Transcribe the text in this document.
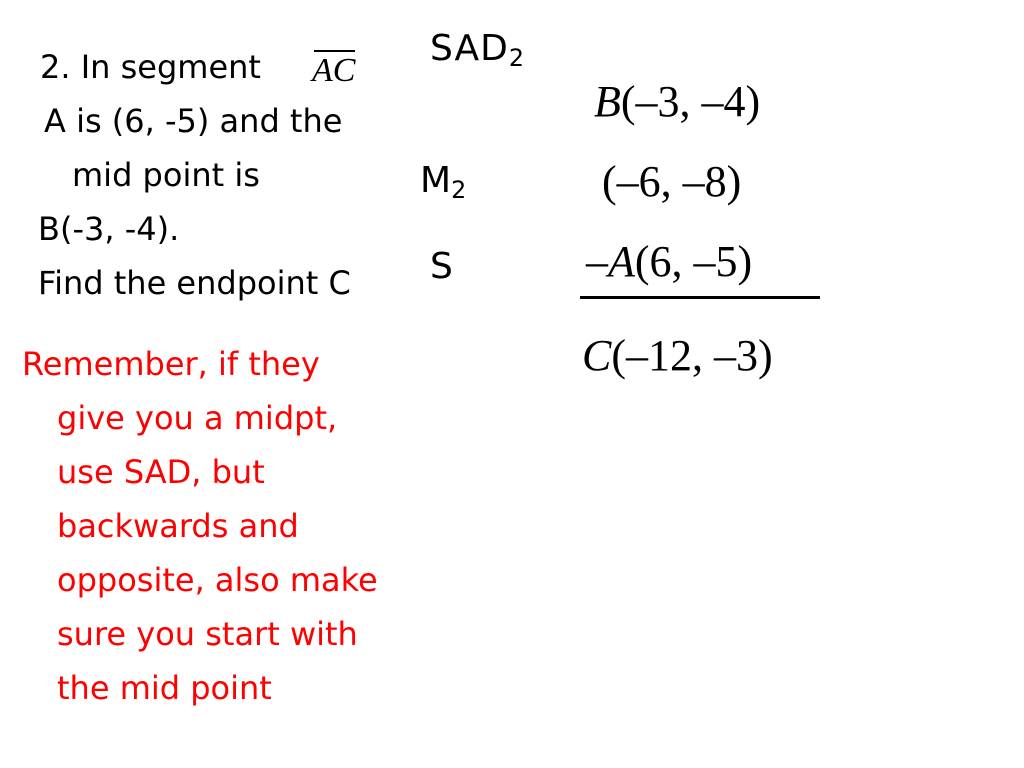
2. In segment AC
A is (6, -5) and the
mid point is
B(-3, -4).
Find the endpoint C
Remember, if they
give you a midpt,
use SAD, but
backwards and
opposite, also make
sure you start with
the mid point
$SAD_2$
$M_2$
S
B(–3, –4)
(–6, –8)
–A(6, –5)
C(–12, –3)
